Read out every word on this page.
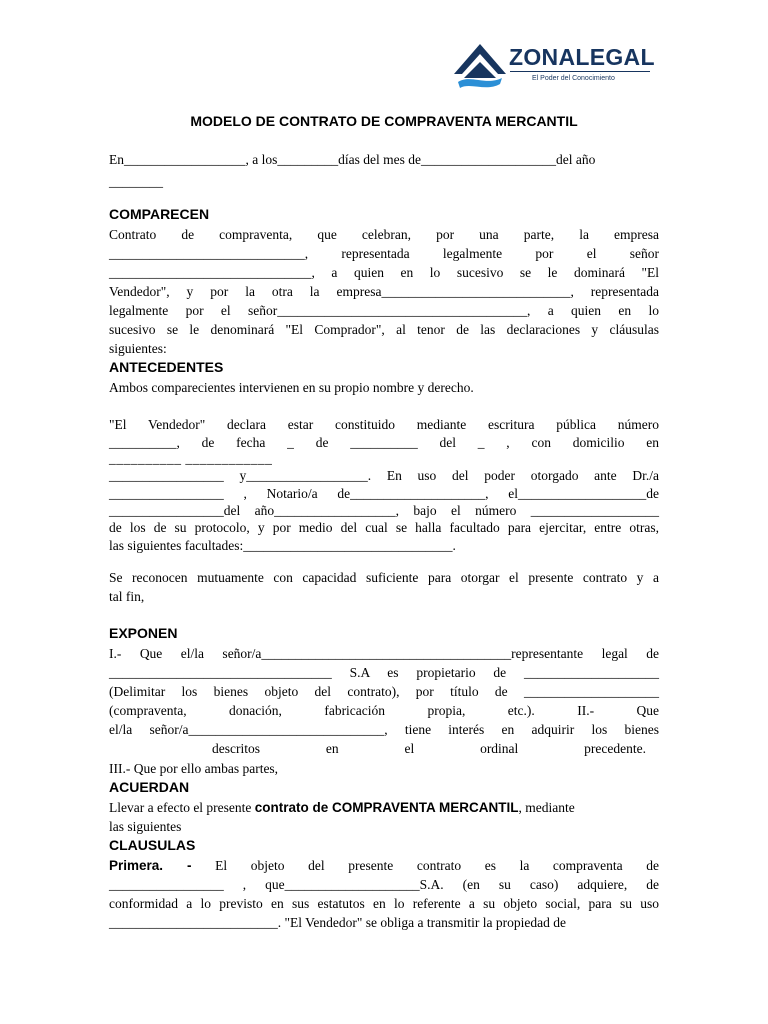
ZONALEGAL
El Poder del Conocimiento
MODELO DE CONTRATO DE COMPRAVENTA MERCANTIL
En__________________, a los_________días del mes de____________________del año
________
COMPARECEN
Contrato de compraventa, que celebran, por una parte, la empresa
_____________________________, representada legalmente por el señor
______________________________, a quien en lo sucesivo se le dominará "El
Vendedor", y por la otra la empresa____________________________, representada
legalmente por el señor_____________________________________, a quien en lo
sucesivo se le denominará "El Comprador", al tenor de las declaraciones y cláusulas
siguientes:
ANTECEDENTES
Ambos comparecientes intervienen en su propio nombre y derecho.
"El Vendedor" declara estar constituido mediante escritura pública número
__________, de fecha _ de __________ del _ , con domicilio en
__________ ____________
_________________ y__________________. En uso del poder otorgado ante Dr./a
_________________ , Notario/a de____________________, el___________________de
_________________del año__________________, bajo el número ___________________
de los de su protocolo, y por medio del cual se halla facultado para ejercitar, entre otras,
las siguientes facultades:_______________________________.
Se reconocen mutuamente con capacidad suficiente para otorgar el presente contrato y a
tal fin,
EXPONEN
I.- Que el/la señor/a_____________________________________representante legal de
_________________________________ S.A es propietario de ____________________
(Delimitar los bienes objeto del contrato), por título de ____________________
(compraventa, donación, fabricación propia, etc.). II.- Que
el/la señor/a_____________________________, tiene interés en adquirir los bienes
descritos en el ordinal precedente.
III.- Que por ello ambas partes,
ACUERDAN
Llevar a efecto el presente contrato de COMPRAVENTA MERCANTIL, mediante
las siguientes
CLAUSULAS
Primera. - El objeto del presente contrato es la compraventa de
_________________ , que____________________S.A. (en su caso) adquiere, de
conformidad a lo previsto en sus estatutos en lo referente a su objeto social, para su uso
_________________________. "El Vendedor" se obliga a transmitir la propiedad de
